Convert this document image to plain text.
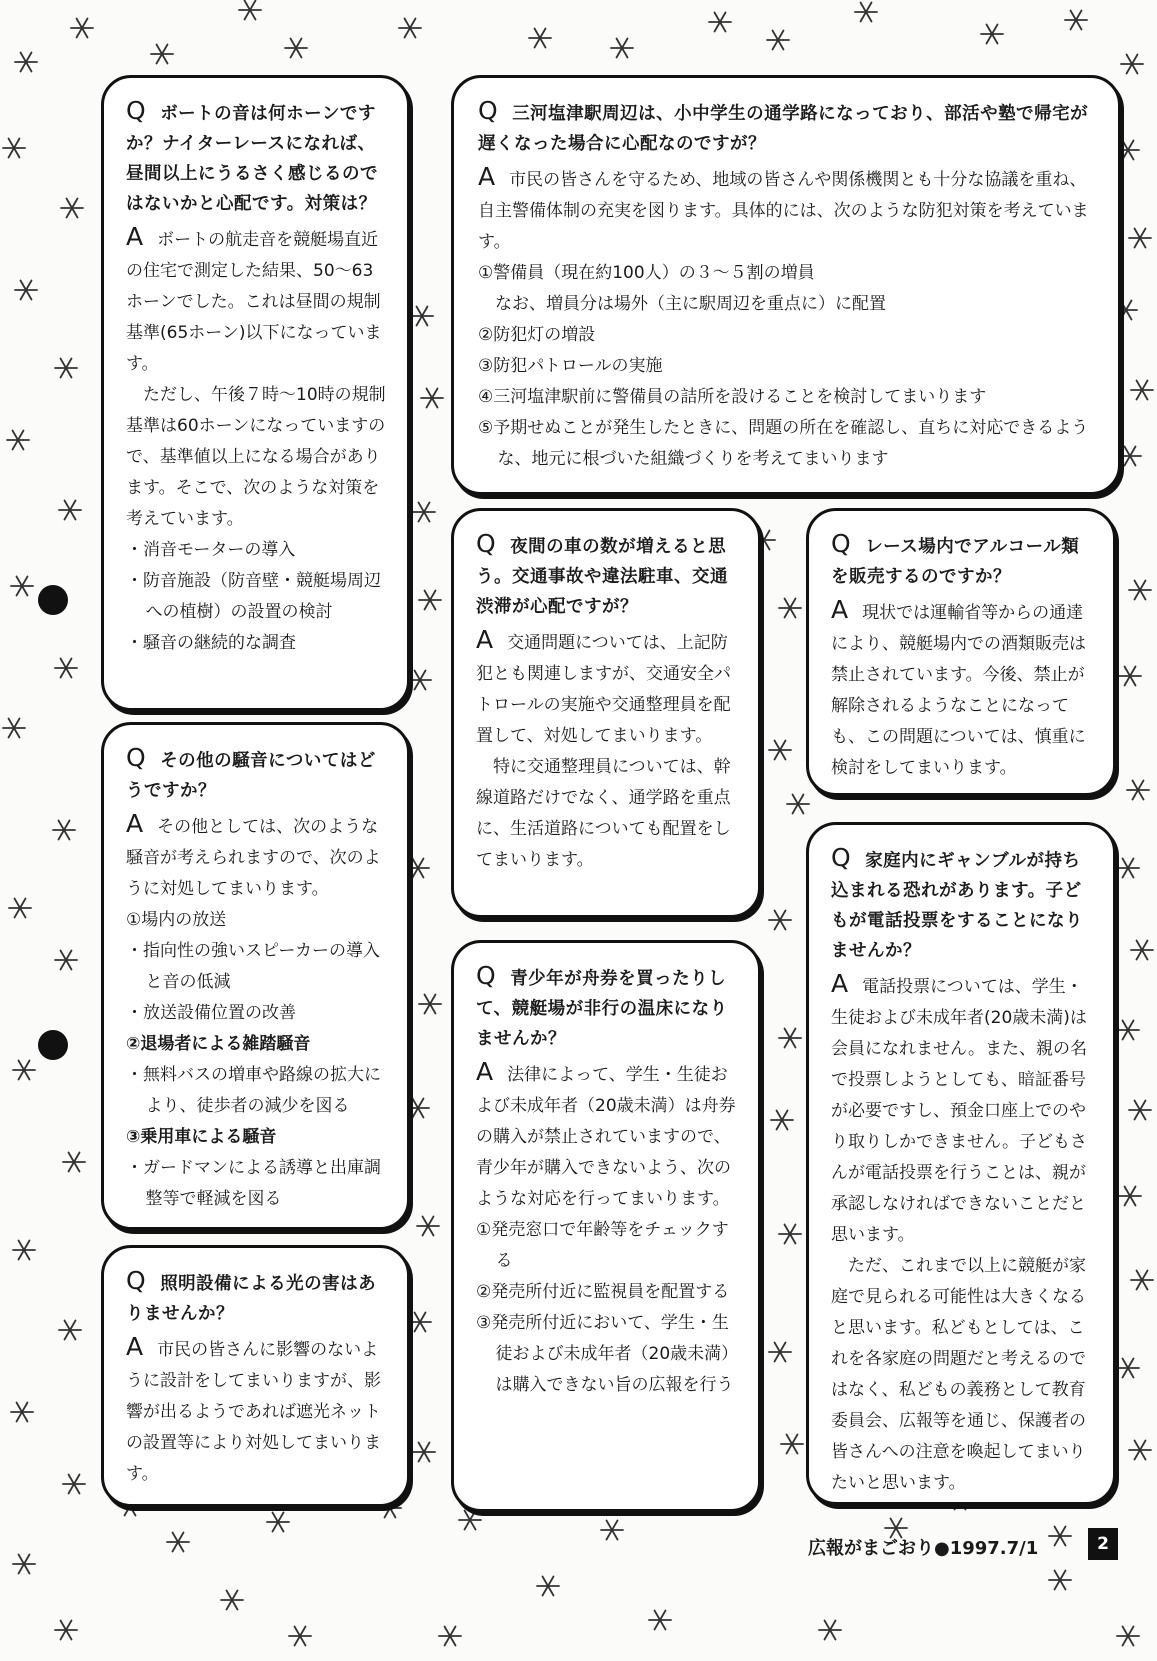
Q ボートの音は何ホーンですか？ナイターレースになれば、昼間以上にうるさく感じるのではないかと心配です。対策は？

A ボートの航走音を競艇場直近の住宅で測定した結果、50～63ホーンでした。これは昼間の規制基準(65ホーン)以下になっています。

ただし、午後７時～10時の規制基準は60ホーンになっていますので、基準値以上になる場合があります。そこで、次のような対策を考えています。

・消音モーターの導入
・防音施設（防音壁・競艇場周辺への植樹）の設置の検討
・騒音の継続的な調査

Q 三河塩津駅周辺は、小中学生の通学路になっており、部活や塾で帰宅が遅くなった場合に心配なのですが？

A 市民の皆さんを守るため、地域の皆さんや関係機関とも十分な協議を重ね、自主警備体制の充実を図ります。具体的には、次のような防犯対策を考えています。

①警備員（現在約100人）の３～５割の増員
　なお、増員分は場外（主に駅周辺を重点に）に配置
②防犯灯の増設
③防犯パトロールの実施
④三河塩津駅前に警備員の詰所を設けることを検討してまいります
⑤予期せぬことが発生したときに、問題の所在を確認し、直ちに対応できるような、地元に根づいた組織づくりを考えてまいります

Q 夜間の車の数が増えると思う。交通事故や違法駐車、交通渋滞が心配ですが？

A 交通問題については、上記防犯とも関連しますが、交通安全パトロールの実施や交通整理員を配置して、対処してまいります。

特に交通整理員については、幹線道路だけでなく、通学路を重点に、生活道路についても配置をしてまいります。

Q レース場内でアルコール類を販売するのですか？

A 現状では運輸省等からの通達により、競艇場内での酒類販売は禁止されています。今後、禁止が解除されるようなことになっても、この問題については、慎重に検討をしてまいります。

Q その他の騒音についてはどうですか？

A その他としては、次のような騒音が考えられますので、次のように対処してまいります。

①場内の放送
・指向性の強いスピーカーの導入と音の低減
・放送設備位置の改善
②退場者による雑踏騒音
・無料バスの増車や路線の拡大により、徒歩者の減少を図る
③乗用車による騒音
・ガードマンによる誘導と出庫調整等で軽減を図る

Q 家庭内にギャンブルが持ち込まれる恐れがあります。子どもが電話投票をすることになりませんか？

A 電話投票については、学生・生徒および未成年者(20歳未満)は会員になれません。また、親の名で投票しようとしても、暗証番号が必要ですし、預金口座上でのやり取りしかできません。子どもさんが電話投票を行うことは、親が承認しなければできないことだと思います。

ただ、これまで以上に競艇が家庭で見られる可能性は大きくなると思います。私どもとしては、これを各家庭の問題だと考えるのではなく、私どもの義務として教育委員会、広報等を通じ、保護者の皆さんへの注意を喚起してまいりたいと思います。

Q 青少年が舟券を買ったりして、競艇場が非行の温床になりませんか？

A 法律によって、学生・生徒および未成年者（20歳未満）は舟券の購入が禁止されていますので、青少年が購入できないよう、次のような対応を行ってまいります。

①発売窓口で年齢等をチェックする
②発売所付近に監視員を配置する
③発売所付近において、学生・生徒および未成年者（20歳未満）は購入できない旨の広報を行う

Q 照明設備による光の害はありませんか？

A 市民の皆さんに影響のないように設計をしてまいりますが、影響が出るようであれば遮光ネットの設置等により対処してまいります。

広報がまごおり●1997.7/1	2
